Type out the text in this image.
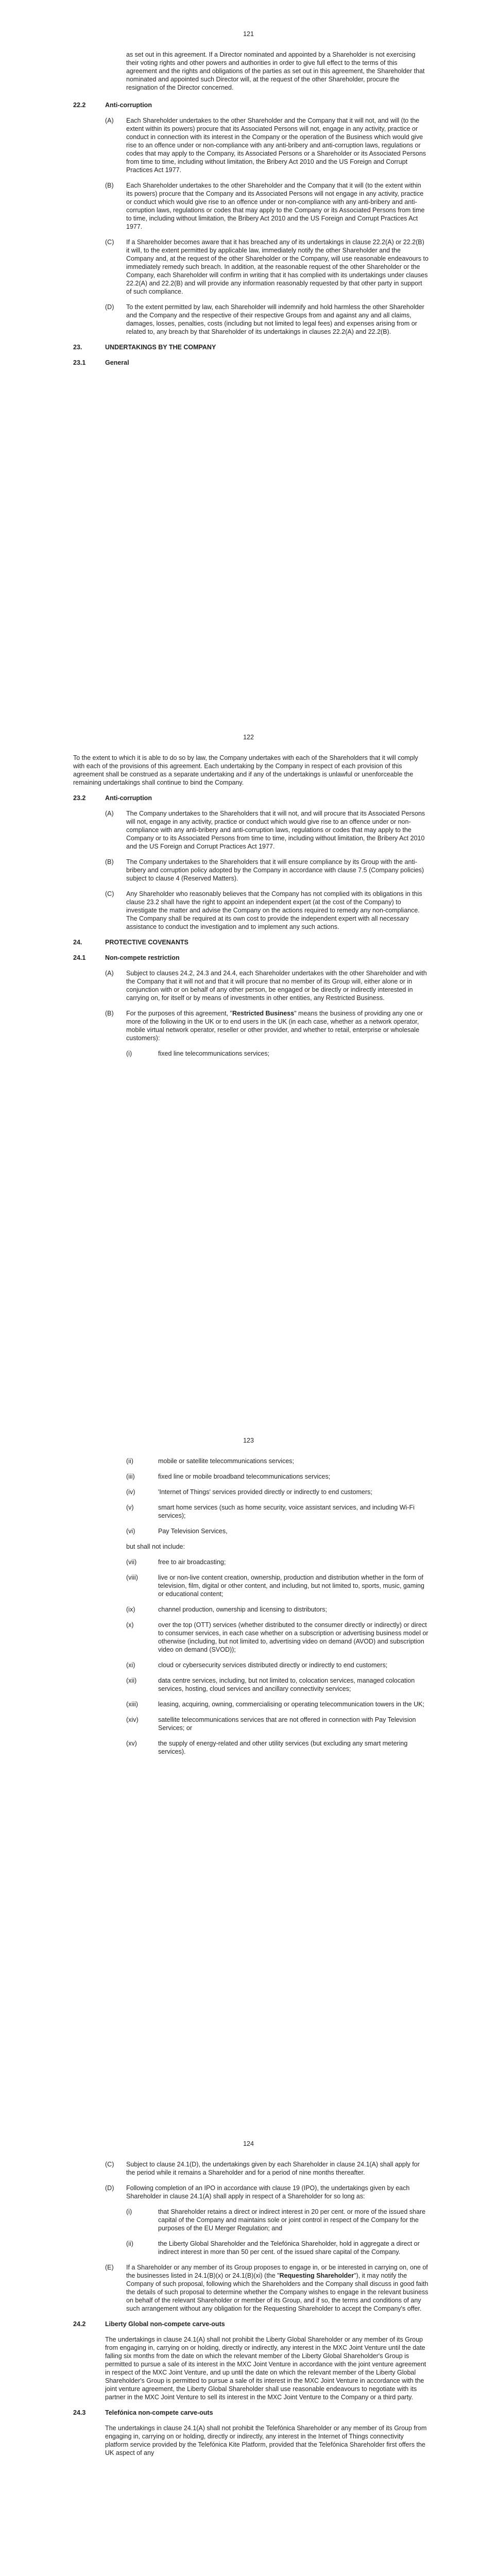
121

as set out in this agreement. If a Director nominated and appointed by a Shareholder is not exercising their voting rights and other powers and authorities in order to give full effect to the terms of this agreement and the rights and obligations of the parties as set out in this agreement, the Shareholder that nominated and appointed such Director will, at the request of the other Shareholder, procure the resignation of the Director concerned.

22.2	Anti-corruption
(A)	Each Shareholder undertakes to the other Shareholder and the Company that it will not, and will (to the extent within its powers) procure that its Associated Persons will not, engage in any activity, practice or conduct in connection with its interest in the Company or the operation of the Business which would give rise to an offence under or non-compliance with any anti-bribery and anti-corruption laws, regulations or codes that may apply to the Company, its Associated Persons or a Shareholder or its Associated Persons from time to time, including without limitation, the Bribery Act 2010 and the US Foreign and Corrupt Practices Act 1977.
(B)	Each Shareholder undertakes to the other Shareholder and the Company that it will (to the extent within its powers) procure that the Company and its Associated Persons will not engage in any activity, practice or conduct which would give rise to an offence under or non-compliance with any anti-bribery and anti-corruption laws, regulations or codes that may apply to the Company or its Associated Persons from time to time, including without limitation, the Bribery Act 2010 and the US Foreign and Corrupt Practices Act 1977.
(C)	If a Shareholder becomes aware that it has breached any of its undertakings in clause 22.2(A) or 22.2(B) it will, to the extent permitted by applicable law, immediately notify the other Shareholder and the Company and, at the request of the other Shareholder or the Company, will use reasonable endeavours to immediately remedy such breach. In addition, at the reasonable request of the other Shareholder or the Company, each Shareholder will confirm in writing that it has complied with its undertakings under clauses 22.2(A) and 22.2(B) and will provide any information reasonably requested by that other party in support of such compliance.
(D)	To the extent permitted by law, each Shareholder will indemnify and hold harmless the other Shareholder and the Company and the respective of their respective Groups from and against any and all claims, damages, losses, penalties, costs (including but not limited to legal fees) and expenses arising from or related to, any breach by that Shareholder of its undertakings in clauses 22.2(A) and 22.2(B).
23.	UNDERTAKINGS BY THE COMPANY
23.1	General
122

To the extent to which it is able to do so by law, the Company undertakes with each of the Shareholders that it will comply with each of the provisions of this agreement. Each undertaking by the Company in respect of each provision of this agreement shall be construed as a separate undertaking and if any of the undertakings is unlawful or unenforceable the remaining undertakings shall continue to bind the Company.

23.2	Anti-corruption
(A)	The Company undertakes to the Shareholders that it will not, and will procure that its Associated Persons will not, engage in any activity, practice or conduct which would give rise to an offence under or non-compliance with any anti-bribery and anti-corruption laws, regulations or codes that may apply to the Company or to its Associated Persons from time to time, including without limitation, the Bribery Act 2010 and the US Foreign and Corrupt Practices Act 1977.
(B)	The Company undertakes to the Shareholders that it will ensure compliance by its Group with the anti-bribery and corruption policy adopted by the Company in accordance with clause 7.5 (Company policies) subject to clause 4 (Reserved Matters).
(C)	Any Shareholder who reasonably believes that the Company has not complied with its obligations in this clause 23.2 shall have the right to appoint an independent expert (at the cost of the Company) to investigate the matter and advise the Company on the actions required to remedy any non-compliance. The Company shall be required at its own cost to provide the independent expert with all necessary assistance to conduct the investigation and to implement any such actions.
24.	PROTECTIVE COVENANTS
24.1	Non-compete restriction
(A)	Subject to clauses 24.2, 24.3 and 24.4, each Shareholder undertakes with the other Shareholder and with the Company that it will not and that it will procure that no member of its Group will, either alone or in conjunction with or on behalf of any other person, be engaged or be directly or indirectly interested in carrying on, for itself or by means of investments in other entities, any Restricted Business.
(B)	For the purposes of this agreement, "Restricted Business" means the business of providing any one or more of the following in the UK or to end users in the UK (in each case, whether as a network operator, mobile virtual network operator, reseller or other provider, and whether to retail, enterprise or wholesale customers):
(i)	fixed line telecommunications services;
123
(ii)	mobile or satellite telecommunications services;
(iii)	fixed line or mobile broadband telecommunications services;
(iv)	'Internet of Things' services provided directly or indirectly to end customers;
(v)	smart home services (such as home security, voice assistant services, and including Wi-Fi services);
(vi)	Pay Television Services,

but shall not include:

(vii)	free to air broadcasting;
(viii)	live or non-live content creation, ownership, production and distribution whether in the form of television, film, digital or other content, and including, but not limited to, sports, music, gaming or educational content;
(ix)	channel production, ownership and licensing to distributors;
(x)	over the top (OTT) services (whether distributed to the consumer directly or indirectly) or direct to consumer services, in each case whether on a subscription or advertising business model or otherwise (including, but not limited to, advertising video on demand (AVOD) and subscription video on demand (SVOD));
(xi)	cloud or cybersecurity services distributed directly or indirectly to end customers;
(xii)	data centre services, including, but not limited to, colocation services, managed colocation services, hosting, cloud services and ancillary connectivity services;
(xiii)	leasing, acquiring, owning, commercialising or operating telecommunication towers in the UK;
(xiv)	satellite telecommunications services that are not offered in connection with Pay Television Services; or
(xv)	the supply of energy-related and other utility services (but excluding any smart metering services).
124
(C)	Subject to clause 24.1(D), the undertakings given by each Shareholder in clause 24.1(A) shall apply for the period while it remains a Shareholder and for a period of nine months thereafter.
(D)	Following completion of an IPO in accordance with clause 19 (IPO), the undertakings given by each Shareholder in clause 24.1(A) shall apply in respect of a Shareholder for so long as:
(i)	that Shareholder retains a direct or indirect interest in 20 per cent. or more of the issued share capital of the Company and maintains sole or joint control in respect of the Company for the purposes of the EU Merger Regulation; and
(ii)	the Liberty Global Shareholder and the Telefónica Shareholder, hold in aggregate a direct or indirect interest in more than 50 per cent. of the issued share capital of the Company.
(E)	If a Shareholder or any member of its Group proposes to engage in, or be interested in carrying on, one of the businesses listed in 24.1(B)(x) or 24.1(B)(xi) (the "Requesting Shareholder"), it may notify the Company of such proposal, following which the Shareholders and the Company shall discuss in good faith the details of such proposal to determine whether the Company wishes to engage in the relevant business on behalf of the relevant Shareholder or member of its Group, and if so, the terms and conditions of any such arrangement without any obligation for the Requesting Shareholder to accept the Company's offer.
24.2	Liberty Global non-compete carve-outs

The undertakings in clause 24.1(A) shall not prohibit the Liberty Global Shareholder or any member of its Group from engaging in, carrying on or holding, directly or indirectly, any interest in the MXC Joint Venture until the date falling six months from the date on which the relevant member of the Liberty Global Shareholder's Group is permitted to pursue a sale of its interest in the MXC Joint Venture in accordance with the joint venture agreement in respect of the MXC Joint Venture, and up until the date on which the relevant member of the Liberty Global Shareholder's Group is permitted to pursue a sale of its interest in the MXC Joint Venture in accordance with the joint venture agreement, the Liberty Global Shareholder shall use reasonable endeavours to negotiate with its partner in the MXC Joint Venture to sell its interest in the MXC Joint Venture to the Company or a third party.

24.3	Telefónica non-compete carve-outs

The undertakings in clause 24.1(A) shall not prohibit the Telefónica Shareholder or any member of its Group from engaging in, carrying on or holding, directly or indirectly, any interest in the Internet of Things connectivity platform service provided by the Telefónica Kite Platform, provided that the Telefónica Shareholder first offers the UK aspect of any
